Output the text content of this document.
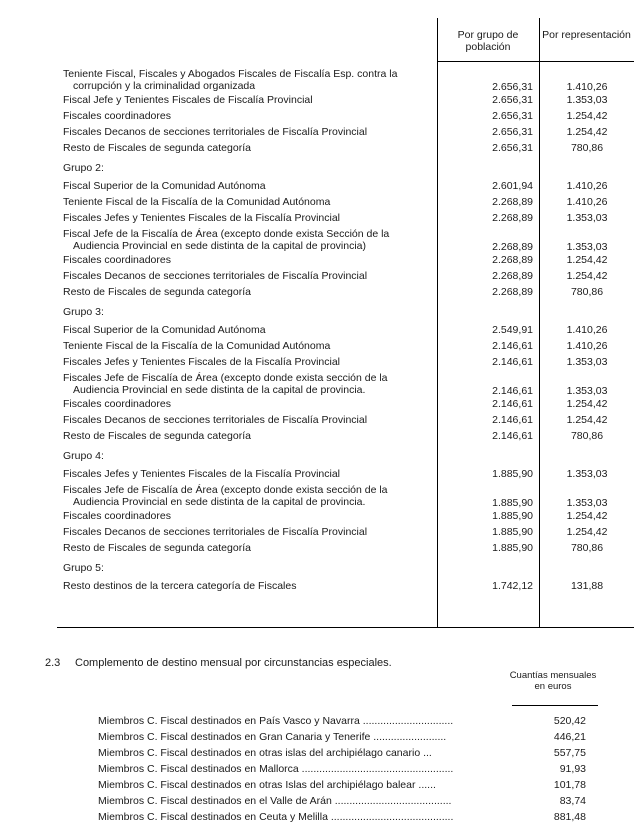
Por grupo de población
Por representación
Teniente Fiscal, Fiscales y Abogados Fiscales de Fiscalía Esp. contra la
corrupción y la criminalidad organizada	2.656,31	1.410,26
Fiscal Jefe y Tenientes Fiscales de Fiscalía Provincial	2.656,31	1.353,03
Fiscales coordinadores	2.656,31	1.254,42
Fiscales Decanos de secciones territoriales de Fiscalía Provincial	2.656,31	1.254,42
Resto de Fiscales de segunda categoría	2.656,31	780,86
Grupo 2:
Fiscal Superior de la Comunidad Autónoma	2.601,94	1.410,26
Teniente Fiscal de la Fiscalía de la Comunidad Autónoma	2.268,89	1.410,26
Fiscales Jefes y Tenientes Fiscales de la Fiscalía Provincial	2.268,89	1.353,03
Fiscal Jefe de la Fiscalía de Área (excepto donde exista Sección de la
Audiencia Provincial en sede distinta de la capital de provincia)	2.268,89	1.353,03
Fiscales coordinadores	2.268,89	1.254,42
Fiscales Decanos de secciones territoriales de Fiscalía Provincial	2.268,89	1.254,42
Resto de Fiscales de segunda categoría	2.268,89	780,86
Grupo 3:
Fiscal Superior de la Comunidad Autónoma	2.549,91	1.410,26
Teniente Fiscal de la Fiscalía de la Comunidad Autónoma	2.146,61	1.410,26
Fiscales Jefes y Tenientes Fiscales de la Fiscalía Provincial	2.146,61	1.353,03
Fiscales Jefe de Fiscalía de Área (excepto donde exista sección de la
Audiencia Provincial en sede distinta de la capital de provincia.	2.146,61	1.353,03
Fiscales coordinadores	2.146,61	1.254,42
Fiscales Decanos de secciones territoriales de Fiscalía Provincial	2.146,61	1.254,42
Resto de Fiscales de segunda categoría	2.146,61	780,86
Grupo 4:
Fiscales Jefes y Tenientes Fiscales de la Fiscalía Provincial	1.885,90	1.353,03
Fiscales Jefe de Fiscalía de Área (excepto donde exista sección de la
Audiencia Provincial en sede distinta de la capital de provincia.	1.885,90	1.353,03
Fiscales coordinadores	1.885,90	1.254,42
Fiscales Decanos de secciones territoriales de Fiscalía Provincial	1.885,90	1.254,42
Resto de Fiscales de segunda categoría	1.885,90	780,86
Grupo 5:
Resto destinos de la tercera categoría de Fiscales	1.742,12	131,88
2.3 Complemento de destino mensual por circunstancias especiales.
Cuantías mensuales en euros
Miembros C. Fiscal destinados en País Vasco y Navarra ...............................	520,42
Miembros C. Fiscal destinados en Gran Canaria y Tenerife .........................	446,21
Miembros C. Fiscal destinados en otras islas del archipiélago canario ...	557,75
Miembros C. Fiscal destinados en Mallorca ....................................................	91,93
Miembros C. Fiscal destinados en otras Islas del archipiélago balear ......	101,78
Miembros C. Fiscal destinados en el Valle de Arán ........................................	83,74
Miembros C. Fiscal destinados en Ceuta y Melilla ..........................................	881,48
